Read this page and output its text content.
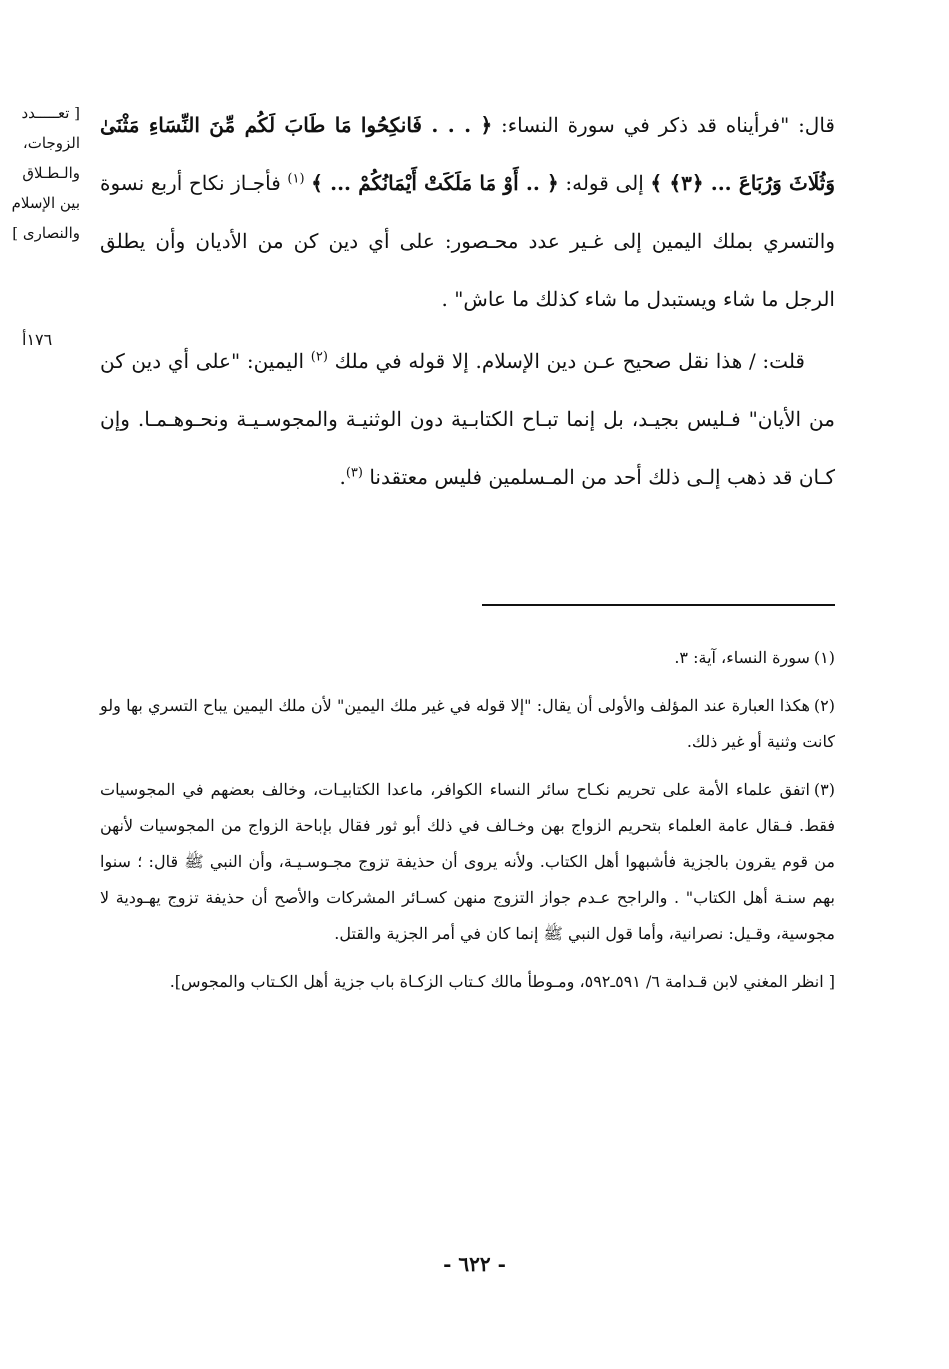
[ تعـــــدد
الزوجات،
والـطـلاق
بين الإسلام
والنصارى ]
١٧٦أ
قال: "فرأيناه قد ذكر في سورة النساء: ﴿ . . . فَانكِحُوا مَا طَابَ لَكُم مِّنَ النِّسَاءِ مَثْنَىٰ وَثُلَاثَ وَرُبَاعَ ... ﴿٣﴾ ﴾ إلى قوله: ﴿ .. أَوْ مَا مَلَكَتْ أَيْمَانُكُمْ ... ﴾ $^{(١)}$ فأجـاز نكاح أربع نسوة والتسري بملك اليمين إلى غـير عدد محـصور: على أي دين كن من الأديان وأن يطلق الرجل ما شاء ويستبدل ما شاء كذلك ما عاش" .
قلت: / هذا نقل صحيح عـن دين الإسلام. إلا قوله في ملك $^{(٢)}$ اليمين: "على أي دين كن من الأيان" فـليس بجيـد، بل إنما تبـاح الكتابـية دون الوثنيـة والمجوسـيـة ونحـوهـمـا. وإن كـان قد ذهب إلـى ذلك أحد من المـسلمين فليس معتقدنا $^{(٣)}$.

(١)سورة النساء، آية: ٣.

(٢)هكذا العبارة عند المؤلف والأولى أن يقال: "إلا قوله في غير ملك اليمين" لأن ملك اليمين يباح التسري بها ولو كانت وثنية أو غير ذلك.

(٣)اتفق علماء الأمة على تحريم نكـاح سائر النساء الكوافر، ماعدا الكتابيـات، وخالف بعضهم في المجوسيات فقط. فـقال عامة العلماء بتحريم الزواج بهن وخـالف في ذلك أبو ثور فقال بإباحة الزواج من المجوسيات لأنهن من قوم يقرون بالجزية فأشبهوا أهل الكتاب. ولأنه يروى أن حذيفة تزوج مجـوسـيـة، وأن النبي ﷺ قال: ؛ سنوا بهم سنـة أهل الكتاب" . والراجح عـدم جواز التزوج منهن كسـائر المشركات والأصح أن حذيفة تزوج يهـودية لا مجوسية، وقـيل: نصرانية، وأما قول النبي ﷺ إنما كان في أمر الجزية والقتل.

[ انظر المغني لابن قـدامة ٦/ ٥٩١ـ٥٩٢، ومـوطأ مالك كـتاب الزكـاة باب جزية أهل الكـتاب والمجوس].

- ٦٢٢ -
